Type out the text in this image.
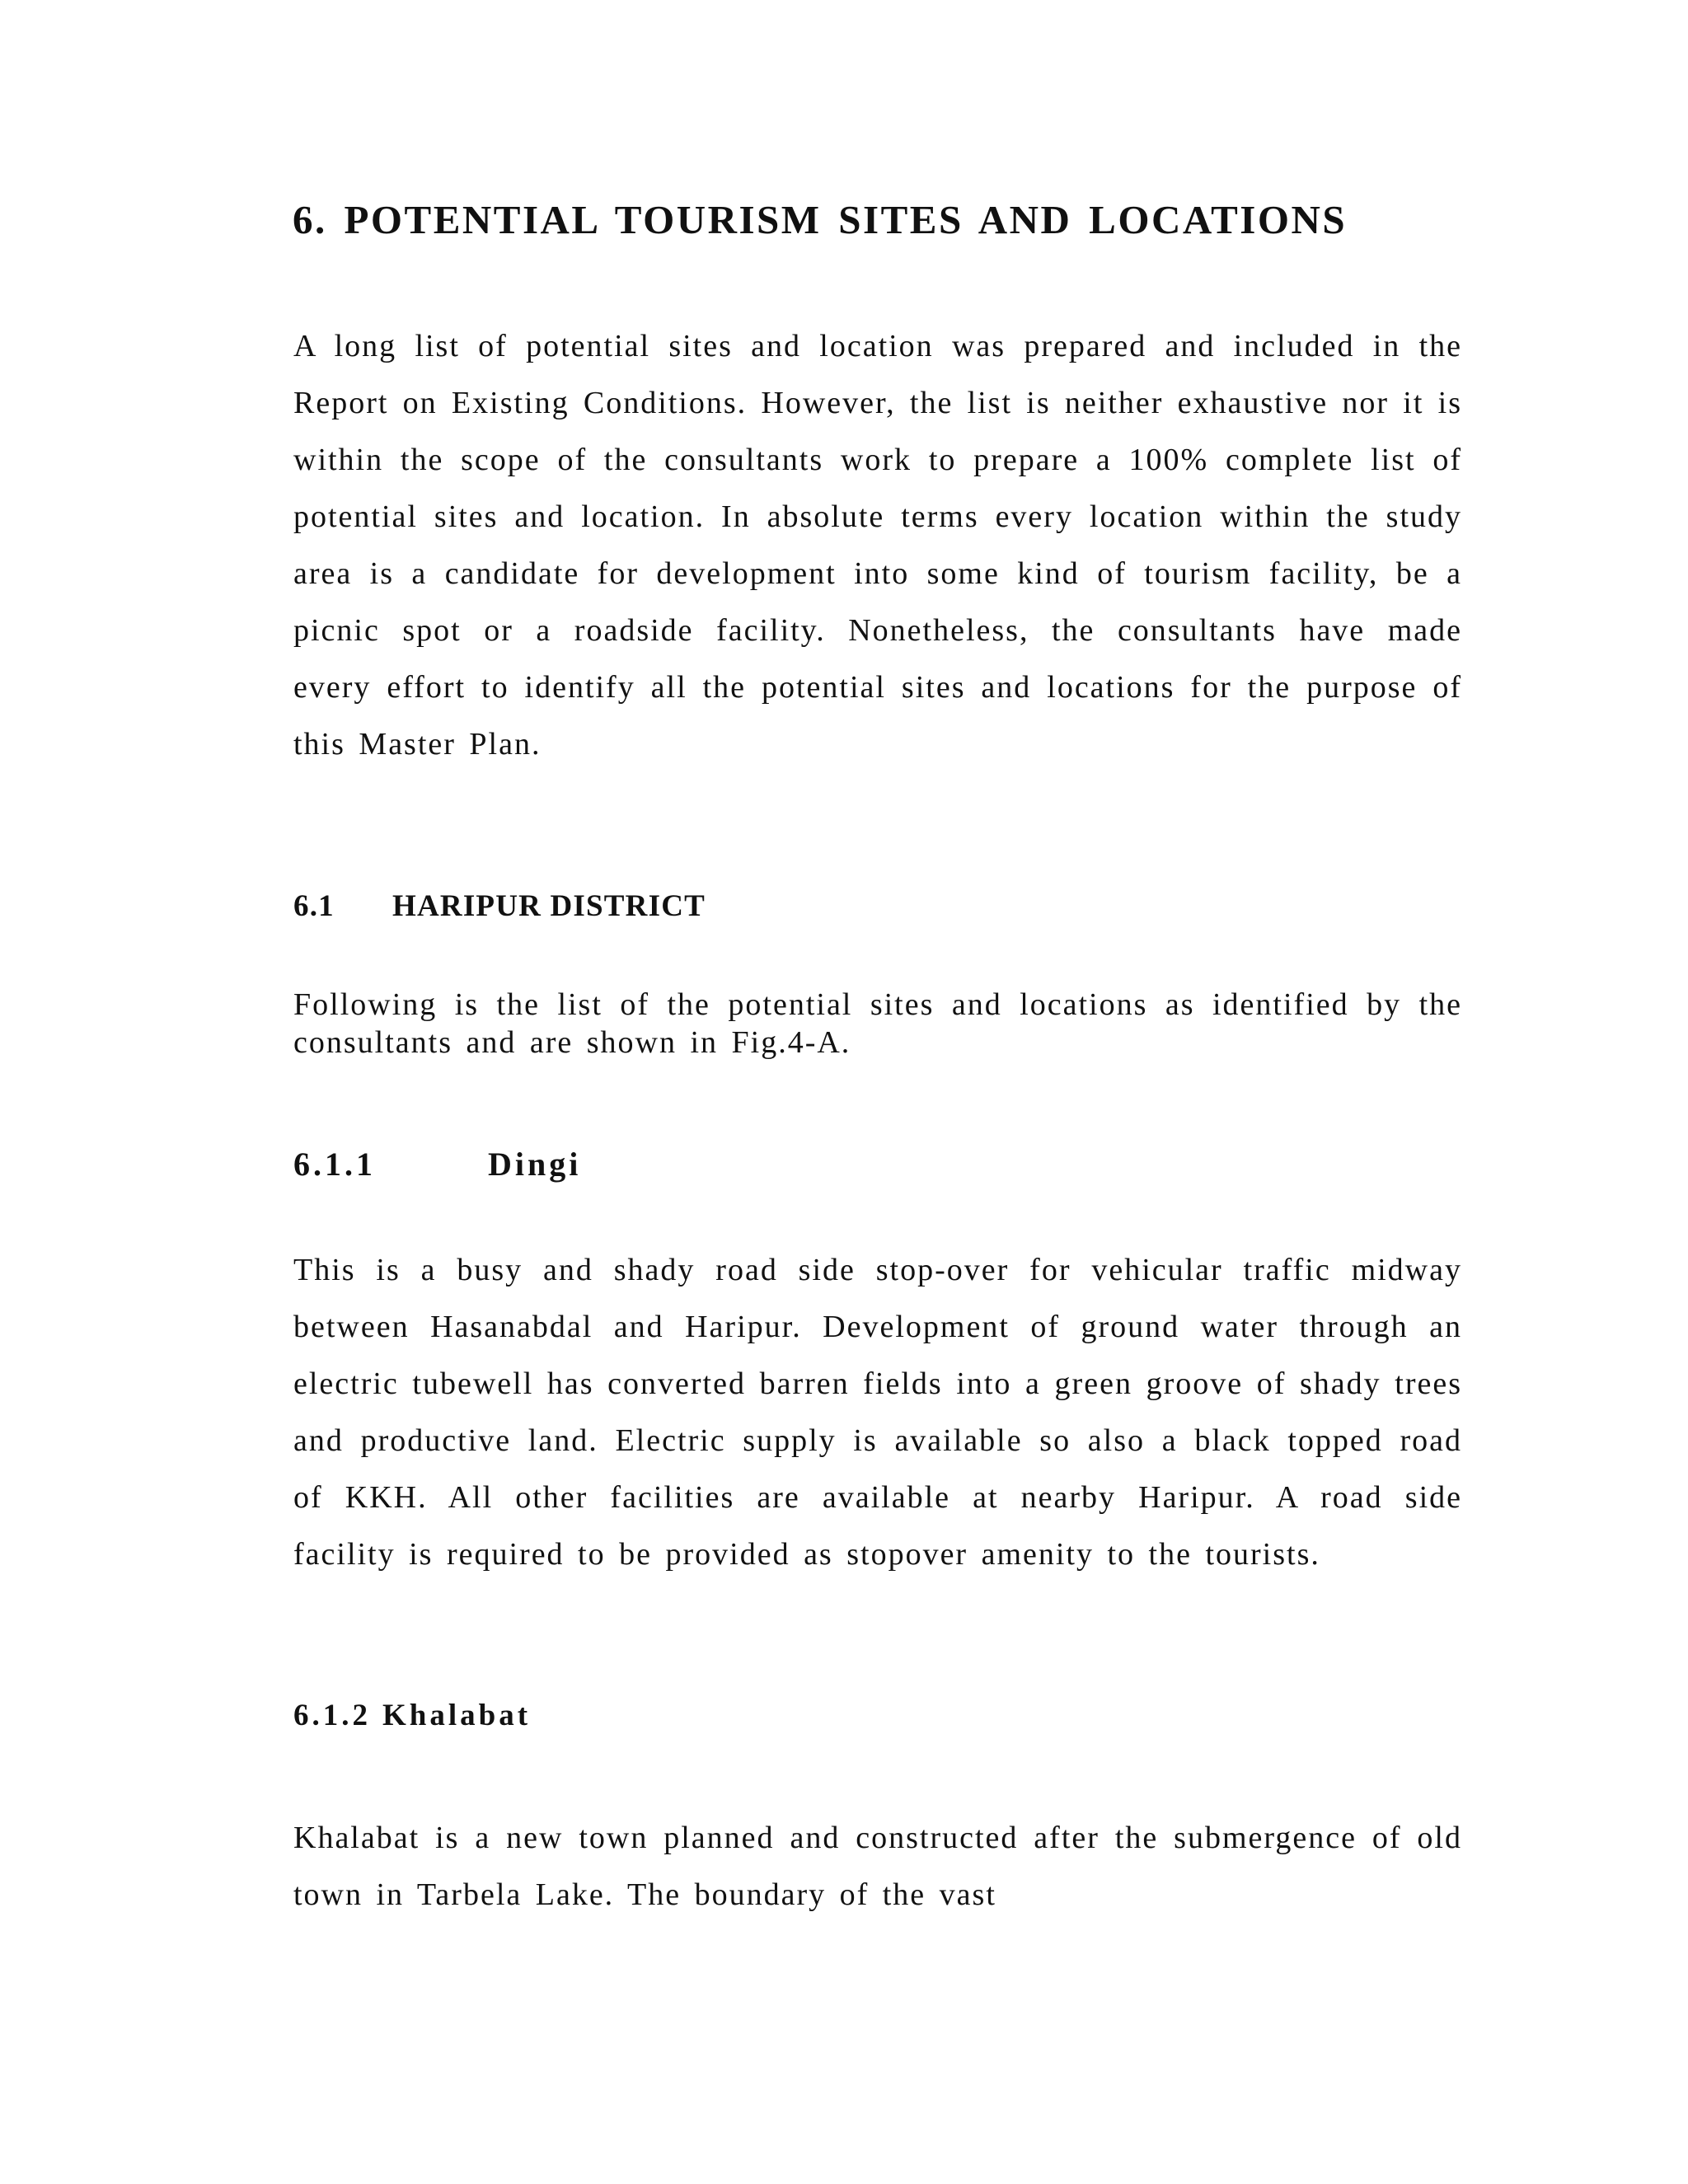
6. POTENTIAL TOURISM SITES AND LOCATIONS

A long list of potential sites and location was prepared and included in the Report on Existing Conditions. However, the list is neither exhaustive nor it is within the scope of the consultants work to prepare a 100% complete list of potential sites and location. In absolute terms every location within the study area is a candidate for development into some kind of tourism facility, be a picnic spot or a roadside facility. Nonetheless, the consultants have made every effort to identify all the potential sites and locations for the purpose of this Master Plan.

6.1 HARIPUR DISTRICT

Following is the list of the potential sites and locations as identified by the consultants and are shown in Fig.4-A.

6.1.1	Dingi

This is a busy and shady road side stop-over for vehicular traffic midway between Hasanabdal and Haripur. Development of ground water through an electric tubewell has converted barren fields into a green groove of shady trees and productive land. Electric supply is available so also a black topped road of KKH. All other facilities are available at nearby Haripur. A road side facility is required to be provided as stopover amenity to the tourists.

6.1.2 Khalabat

Khalabat is a new town planned and constructed after the submergence of old town in Tarbela Lake. The boundary of the vast
